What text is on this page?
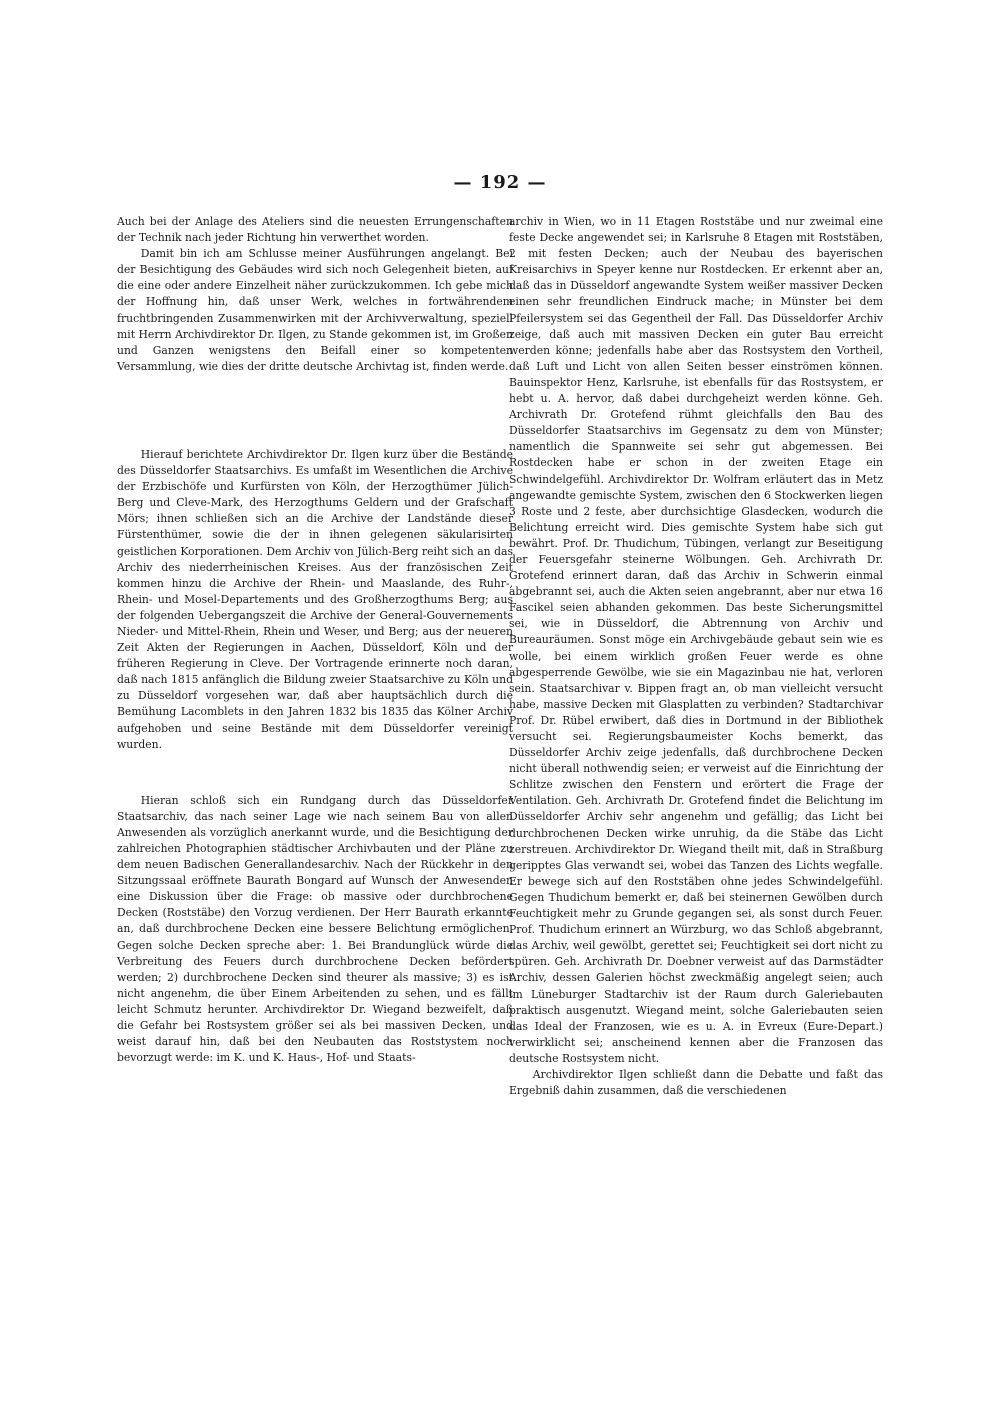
— 192 —

Auch bei der Anlage des Ateliers sind die neuesten Errungenschaften der Technik nach jeder Richtung hin verwerthet worden.

Damit bin ich am Schlusse meiner Ausführungen angelangt. Bei der Besichtigung des Gebäudes wird sich noch Gelegenheit bieten, auf die eine oder andere Einzelheit näher zurückzukommen. Ich gebe mich der Hoffnung hin, daß unser Werk, welches in fortwährendem fruchtbringenden Zusammenwirken mit der Archivverwaltung, speziell mit Herrn Archivdirektor Dr. Ilgen, zu Stande gekommen ist, im Großen und Ganzen wenigstens den Beifall einer so kompetenten Versammlung, wie dies der dritte deutsche Archivtag ist, finden werde.

Hierauf berichtete Archivdirektor Dr. Ilgen kurz über die Bestände des Düsseldorfer Staatsarchivs. Es umfaßt im Wesentlichen die Archive der Erzbischöfe und Kurfürsten von Köln, der Herzogthümer Jülich-Berg und Cleve-Mark, des Herzogthums Geldern und der Grafschaft Mörs; ihnen schließen sich an die Archive der Landstände dieser Fürstenthümer, sowie die der in ihnen gelegenen säkularisirten geistlichen Korporationen. Dem Archiv von Jülich-Berg reiht sich an das Archiv des niederrheinischen Kreises. Aus der französischen Zeit kommen hinzu die Archive der Rhein- und Maaslande, des Ruhr-, Rhein- und Mosel-Departements und des Großherzogthums Berg; aus der folgenden Uebergangszeit die Archive der General-Gouvernements Nieder- und Mittel-Rhein, Rhein und Weser, und Berg; aus der neueren Zeit Akten der Regierungen in Aachen, Düsseldorf, Köln und der früheren Regierung in Cleve. Der Vortragende erinnerte noch daran, daß nach 1815 anfänglich die Bildung zweier Staatsarchive zu Köln und zu Düsseldorf vorgesehen war, daß aber hauptsächlich durch die Bemühung Lacomblets in den Jahren 1832 bis 1835 das Kölner Archiv aufgehoben und seine Bestände mit dem Düsseldorfer vereinigt wurden.

Hieran schloß sich ein Rundgang durch das Düsseldorfer Staatsarchiv, das nach seiner Lage wie nach seinem Bau von allen Anwesenden als vorzüglich anerkannt wurde, und die Besichtigung der zahlreichen Photographien städtischer Archivbauten und der Pläne zu dem neuen Badischen Generallandesarchiv. Nach der Rückkehr in den Sitzungssaal eröffnete Baurath Bongard auf Wunsch der Anwesenden eine Diskussion über die Frage: ob massive oder durchbrochene Decken (Roststäbe) den Vorzug verdienen. Der Herr Baurath erkannte an, daß durchbrochene Decken eine bessere Belichtung ermöglichen. Gegen solche Decken spreche aber: 1. Bei Brandunglück würde die Verbreitung des Feuers durch durchbrochene Decken befördert werden; 2) durchbrochene Decken sind theurer als massive; 3) es ist nicht angenehm, die über Einem Arbeitenden zu sehen, und es fällt leicht Schmutz herunter. Archivdirektor Dr. Wiegand bezweifelt, daß die Gefahr bei Rostsystem größer sei als bei massiven Decken, und weist darauf hin, daß bei den Neubauten das Roststystem noch bevorzugt werde: im K. und K. Haus-, Hof- und Staats-

archiv in Wien, wo in 11 Etagen Roststäbe und nur zweimal eine feste Decke angewendet sei; in Karlsruhe 8 Etagen mit Roststäben, 2 mit festen Decken; auch der Neubau des bayerischen Kreisarchivs in Speyer kenne nur Rostdecken. Er erkennt aber an, daß das in Düsseldorf angewandte System weißer massiver Decken einen sehr freundlichen Eindruck mache; in Münster bei dem Pfeilersystem sei das Gegentheil der Fall. Das Düsseldorfer Archiv zeige, daß auch mit massiven Decken ein guter Bau erreicht werden könne; jedenfalls habe aber das Rostsystem den Vortheil, daß Luft und Licht von allen Seiten besser einströmen können. Bauinspektor Henz, Karlsruhe, ist ebenfalls für das Rostsystem, er hebt u. A. hervor, daß dabei durchgeheizt werden könne. Geh. Archivrath Dr. Grotefend rühmt gleichfalls den Bau des Düsseldorfer Staatsarchivs im Gegensatz zu dem von Münster; namentlich die Spannweite sei sehr gut abgemessen. Bei Rostdecken habe er schon in der zweiten Etage ein Schwindelgefühl. Archivdirektor Dr. Wolfram erläutert das in Metz angewandte gemischte System, zwischen den 6 Stockwerken liegen 3 Roste und 2 feste, aber durchsichtige Glasdecken, wodurch die Belichtung erreicht wird. Dies gemischte System habe sich gut bewährt. Prof. Dr. Thudichum, Tübingen, verlangt zur Beseitigung der Feuersgefahr steinerne Wölbungen. Geh. Archivrath Dr. Grotefend erinnert daran, daß das Archiv in Schwerin einmal abgebrannt sei, auch die Akten seien angebrannt, aber nur etwa 16 Fascikel seien abhanden gekommen. Das beste Sicherungsmittel sei, wie in Düsseldorf, die Abtrennung von Archiv und Bureauräumen. Sonst möge ein Archivgebäude gebaut sein wie es wolle, bei einem wirklich großen Feuer werde es ohne abgesperrende Gewölbe, wie sie ein Magazinbau nie hat, verloren sein. Staatsarchivar v. Bippen fragt an, ob man vielleicht versucht habe, massive Decken mit Glasplatten zu verbinden? Stadtarchivar Prof. Dr. Rübel erwibert, daß dies in Dortmund in der Bibliothek versucht sei. Regierungsbaumeister Kochs bemerkt, das Düsseldorfer Archiv zeige jedenfalls, daß durchbrochene Decken nicht überall nothwendig seien; er verweist auf die Einrichtung der Schlitze zwischen den Fenstern und erörtert die Frage der Ventilation. Geh. Archivrath Dr. Grotefend findet die Belichtung im Düsseldorfer Archiv sehr angenehm und gefällig; das Licht bei durchbrochenen Decken wirke unruhig, da die Stäbe das Licht zerstreuen. Archivdirektor Dr. Wiegand theilt mit, daß in Straßburg geripptes Glas verwandt sei, wobei das Tanzen des Lichts wegfalle. Er bewege sich auf den Roststäben ohne jedes Schwindelgefühl. Gegen Thudichum bemerkt er, daß bei steinernen Gewölben durch Feuchtigkeit mehr zu Grunde gegangen sei, als sonst durch Feuer. Prof. Thudichum erinnert an Würzburg, wo das Schloß abgebrannt, das Archiv, weil gewölbt, gerettet sei; Feuchtigkeit sei dort nicht zu spüren. Geh. Archivrath Dr. Doebner verweist auf das Darmstädter Archiv, dessen Galerien höchst zweckmäßig angelegt seien; auch im Lüneburger Stadtarchiv ist der Raum durch Galeriebauten praktisch ausgenutzt. Wiegand meint, solche Galeriebauten seien das Ideal der Franzosen, wie es u. A. in Evreux (Eure-Depart.) verwirklicht sei; anscheinend kennen aber die Franzosen das deutsche Rostsystem nicht.

Archivdirektor Ilgen schließt dann die Debatte und faßt das Ergebniß dahin zusammen, daß die verschiedenen
